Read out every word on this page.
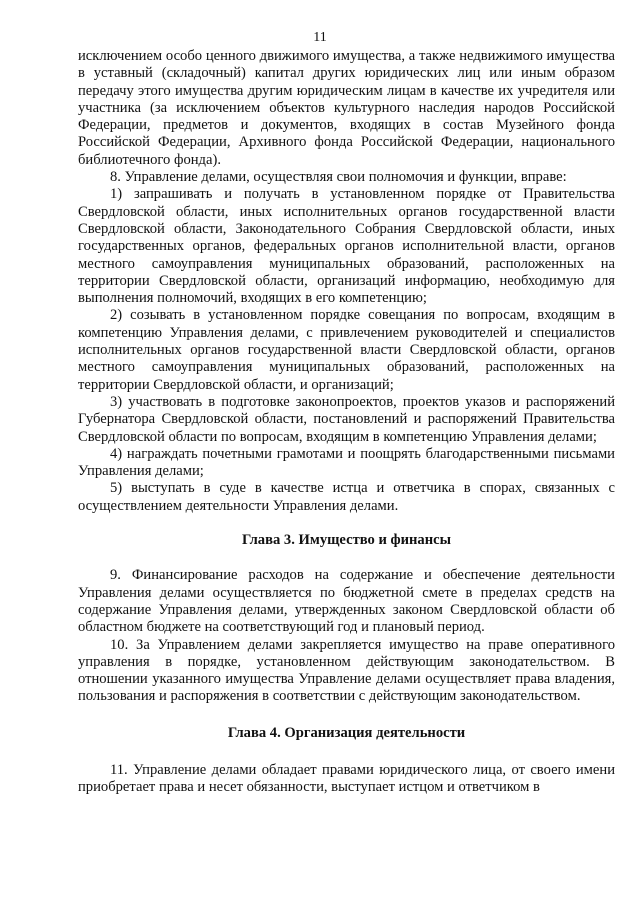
11

исключением особо ценного движимого имущества, а также недвижимого имущества в уставный (складочный) капитал других юридических лиц или иным образом передачу этого имущества другим юридическим лицам в качестве их учредителя или участника (за исключением объектов культурного наследия народов Российской Федерации, предметов и документов, входящих в состав Музейного фонда Российской Федерации, Архивного фонда Российской Федерации, национального библиотечного фонда).

8. Управление делами, осуществляя свои полномочия и функции, вправе:

1) запрашивать и получать в установленном порядке от Правительства Свердловской области, иных исполнительных органов государственной власти Свердловской области, Законодательного Собрания Свердловской области, иных государственных органов, федеральных органов исполнительной власти, органов местного самоуправления муниципальных образований, расположенных на территории Свердловской области, организаций информацию, необходимую для выполнения полномочий, входящих в его компетенцию;

2) созывать в установленном порядке совещания по вопросам, входящим в компетенцию Управления делами, с привлечением руководителей и специалистов исполнительных органов государственной власти Свердловской области, органов местного самоуправления муниципальных образований, расположенных на территории Свердловской области, и организаций;

3) участвовать в подготовке законопроектов, проектов указов и распоряжений Губернатора Свердловской области, постановлений и распоряжений Правительства Свердловской области по вопросам, входящим в компетенцию Управления делами;

4) награждать почетными грамотами и поощрять благодарственными письмами Управления делами;

5) выступать в суде в качестве истца и ответчика в спорах, связанных с осуществлением деятельности Управления делами.

Глава 3. Имущество и финансы

9. Финансирование расходов на содержание и обеспечение деятельности Управления делами осуществляется по бюджетной смете в пределах средств на содержание Управления делами, утвержденных законом Свердловской области об областном бюджете на соответствующий год и плановый период.

10. За Управлением делами закрепляется имущество на праве оперативного управления в порядке, установленном действующим законодательством. В отношении указанного имущества Управление делами осуществляет права владения, пользования и распоряжения в соответствии с действующим законодательством.

Глава 4. Организация деятельности

11. Управление делами обладает правами юридического лица, от своего имени приобретает права и несет обязанности, выступает истцом и ответчиком в
